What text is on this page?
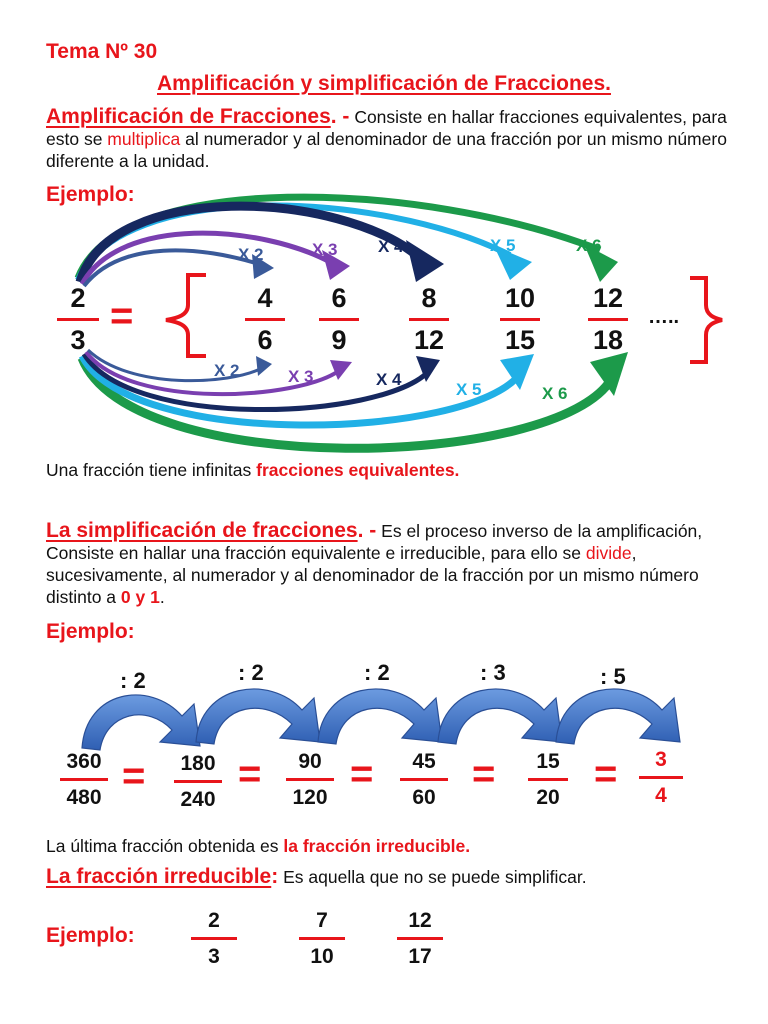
Tema Nº 30
Amplificación y simplificación de Fracciones.
Amplificación de Fracciones. - Consiste en hallar fracciones equivalentes, para esto se multiplica al numerador y al denominador de una fracción por un mismo número diferente a la unidad.
Ejemplo:
X 2	X 3 X 4	X 5	X 6
X 2	X 3	X 4
X 5	X 6
2
3
=	4
6
6
9
8
12
10
15
12
18
…..
Una fracción tiene infinitas fracciones equivalentes.
La simplificación de fracciones. - Es el proceso inverso de la amplificación, Consiste en hallar una fracción equivalente e irreducible, para ello se divide, sucesivamente, al numerador y al denominador de la fracción por un mismo número distinto a 0 y 1.
Ejemplo:
: 2	: 2	: 2	: 3	: 5
360
480
180
240
90
120
45
60
15
20
3
4
= = = = =
La última fracción obtenida es la fracción irreducible.
La fracción irreducible: Es aquella que no se puede simplificar.
Ejemplo:
2
3
7
10
12
17
